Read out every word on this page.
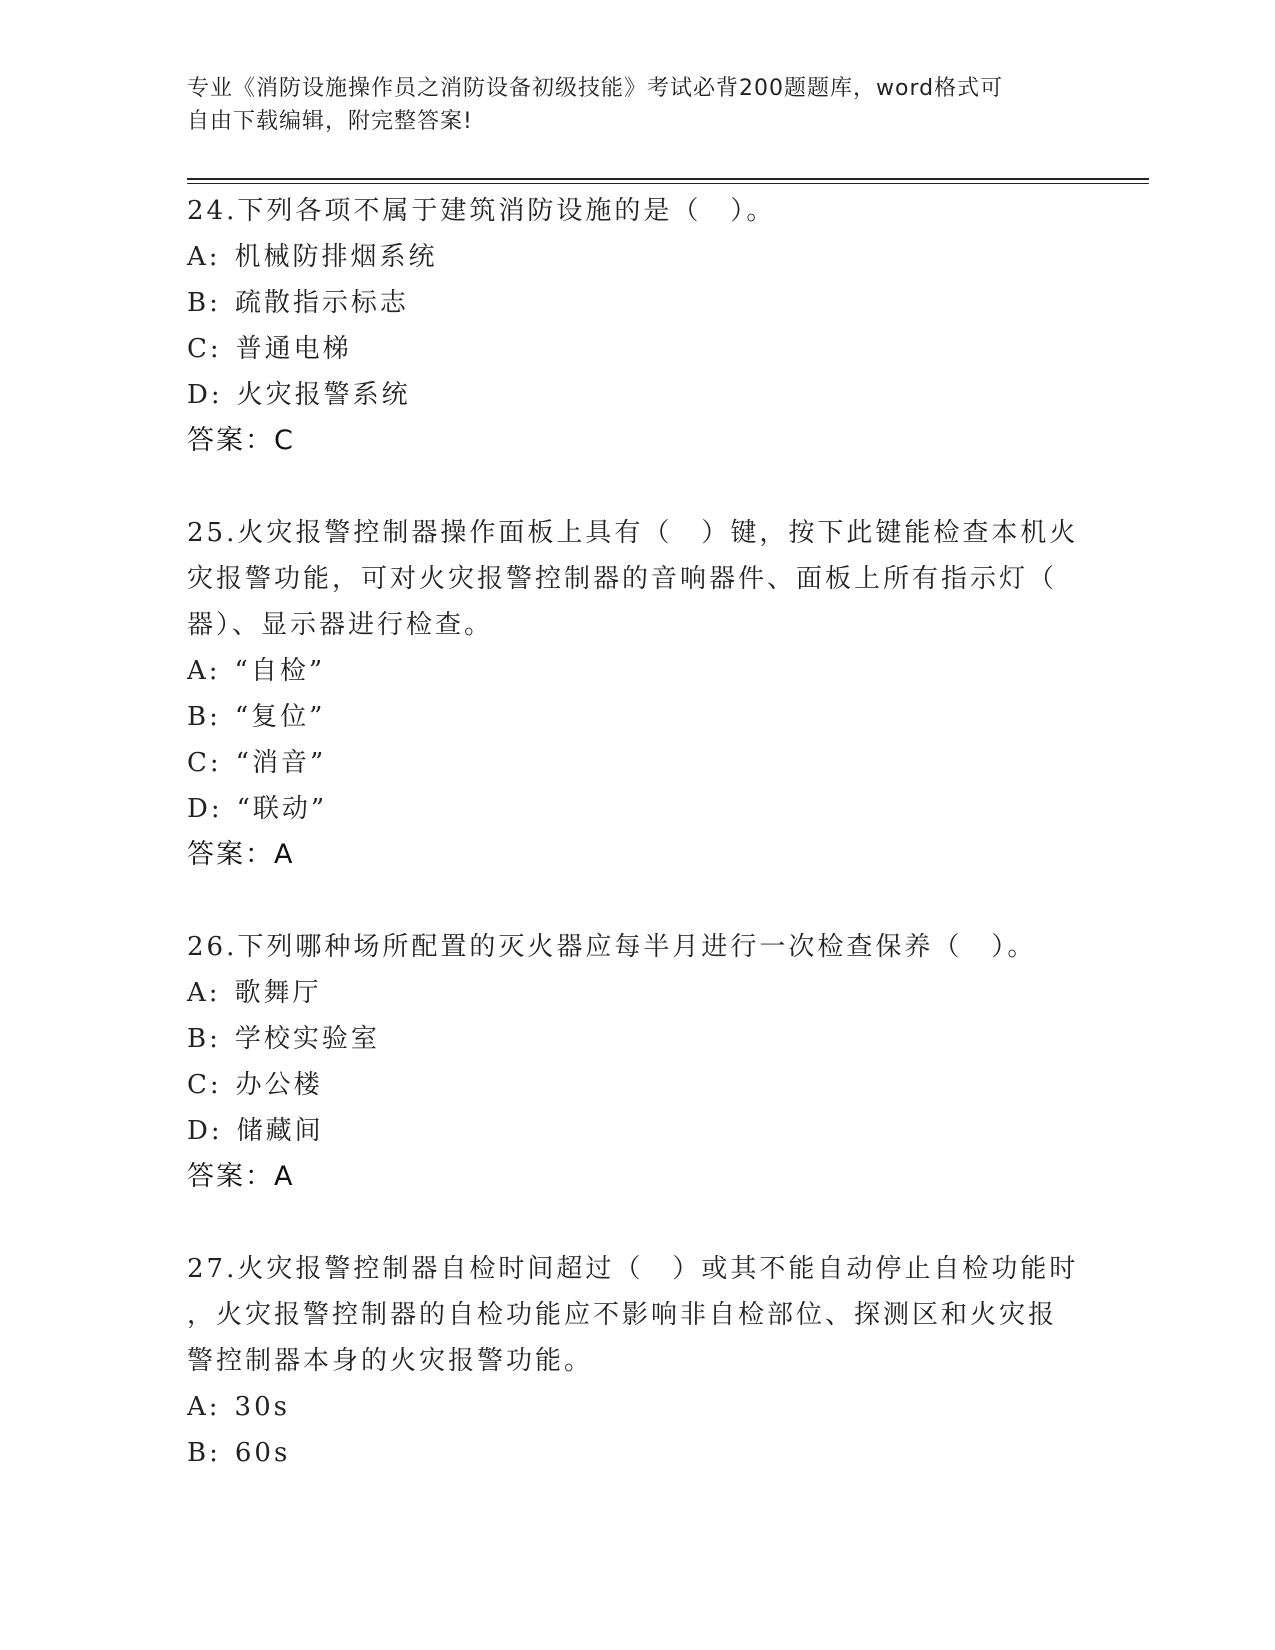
专业《消防设施操作员之消防设备初级技能》考试必背200题题库，word格式可
自由下载编辑，附完整答案!

24.下列各项不属于建筑消防设施的是（　）。

A: 机械防排烟系统
B: 疏散指示标志
C: 普通电梯
D: 火灾报警系统
答案：C

25.火灾报警控制器操作面板上具有（　）键，按下此键能检查本机火

灾报警功能，可对火灾报警控制器的音响器件、面板上所有指示灯（

器）、显示器进行检查。

A: “自检”
B: “复位”
C: “消音”
D: “联动”
答案：A

26.下列哪种场所配置的灭火器应每半月进行一次检查保养（　）。

A: 歌舞厅
B: 学校实验室
C: 办公楼
D: 储藏间
答案：A

27.火灾报警控制器自检时间超过（　）或其不能自动停止自检功能时

，火灾报警控制器的自检功能应不影响非自检部位、探测区和火灾报

警控制器本身的火灾报警功能。

A: 30s
B: 60s
